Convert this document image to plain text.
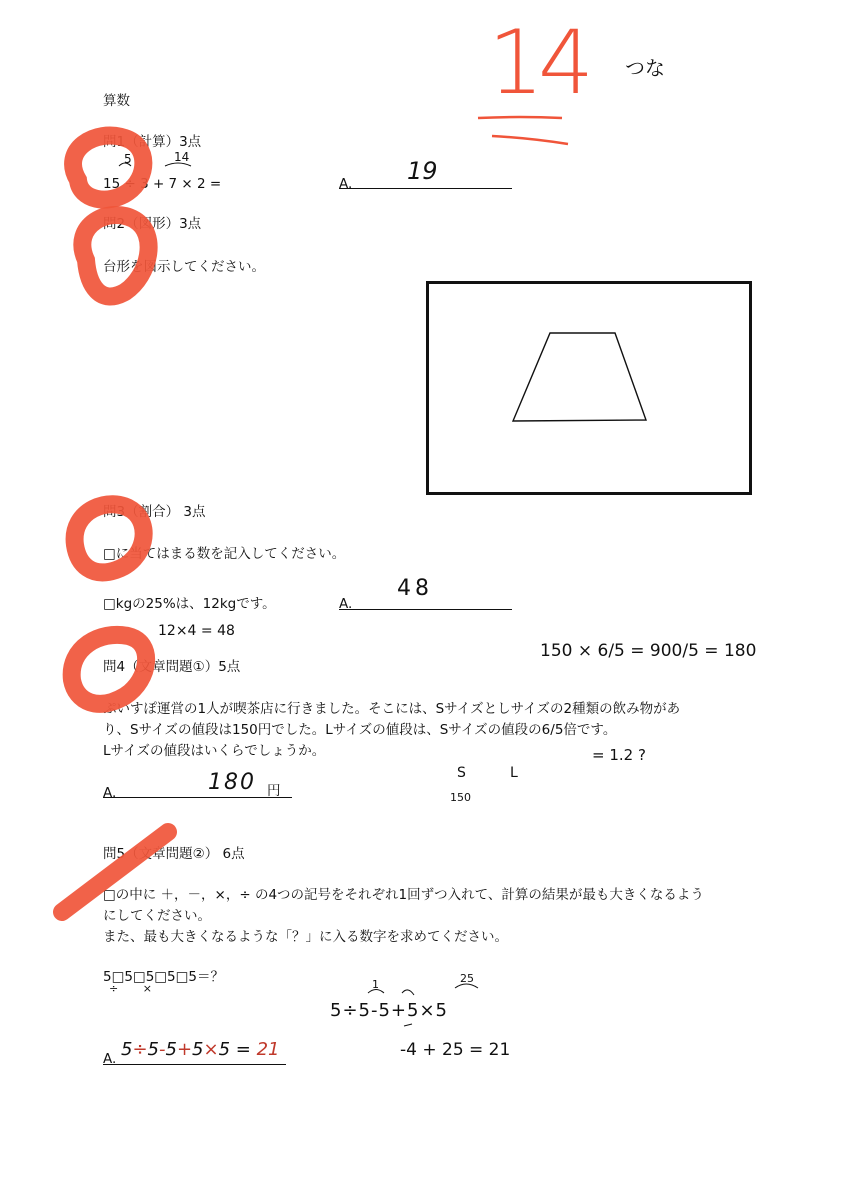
算数	14 つな
問1（計算）3点
5	14
15 ÷ 3 + 7 × 2 =	A. 19
問2（図形）3点
台形を図示してください。
問3（割合） 3点
□に当てはまる数を記入してください。
□kgの25%は、12kgです。	A.
48
12×4 = 48
問4（文章問題①）5点
150 × 6/5 = 900/5 = 180
ぷいすぽ運営の1人が喫茶店に行きました。そこには、Sサイズとしサイズの2種類の飲み物があ
り、Sサイズの値段は150円でした。Lサイズの値段は、Sサイズの値段の6/5倍です。
Lサイズの値段はいくらでしょうか。	= 1.2 ?
S	L
150
A.	180 円
問5（文章問題②） 6点
□の中に ＋，－，×，÷ の4つの記号をそれぞれ1回ずつ入れて、計算の結果が最も大きくなるよう
にしてください。
また、最も大きくなるような「？」に入る数字を求めてください。
5□5□5□5□5＝？
÷       ×	1	25
5÷5-5+5×5
-4 + 25 = 21
A. 5÷5-5+5×5 = 21
